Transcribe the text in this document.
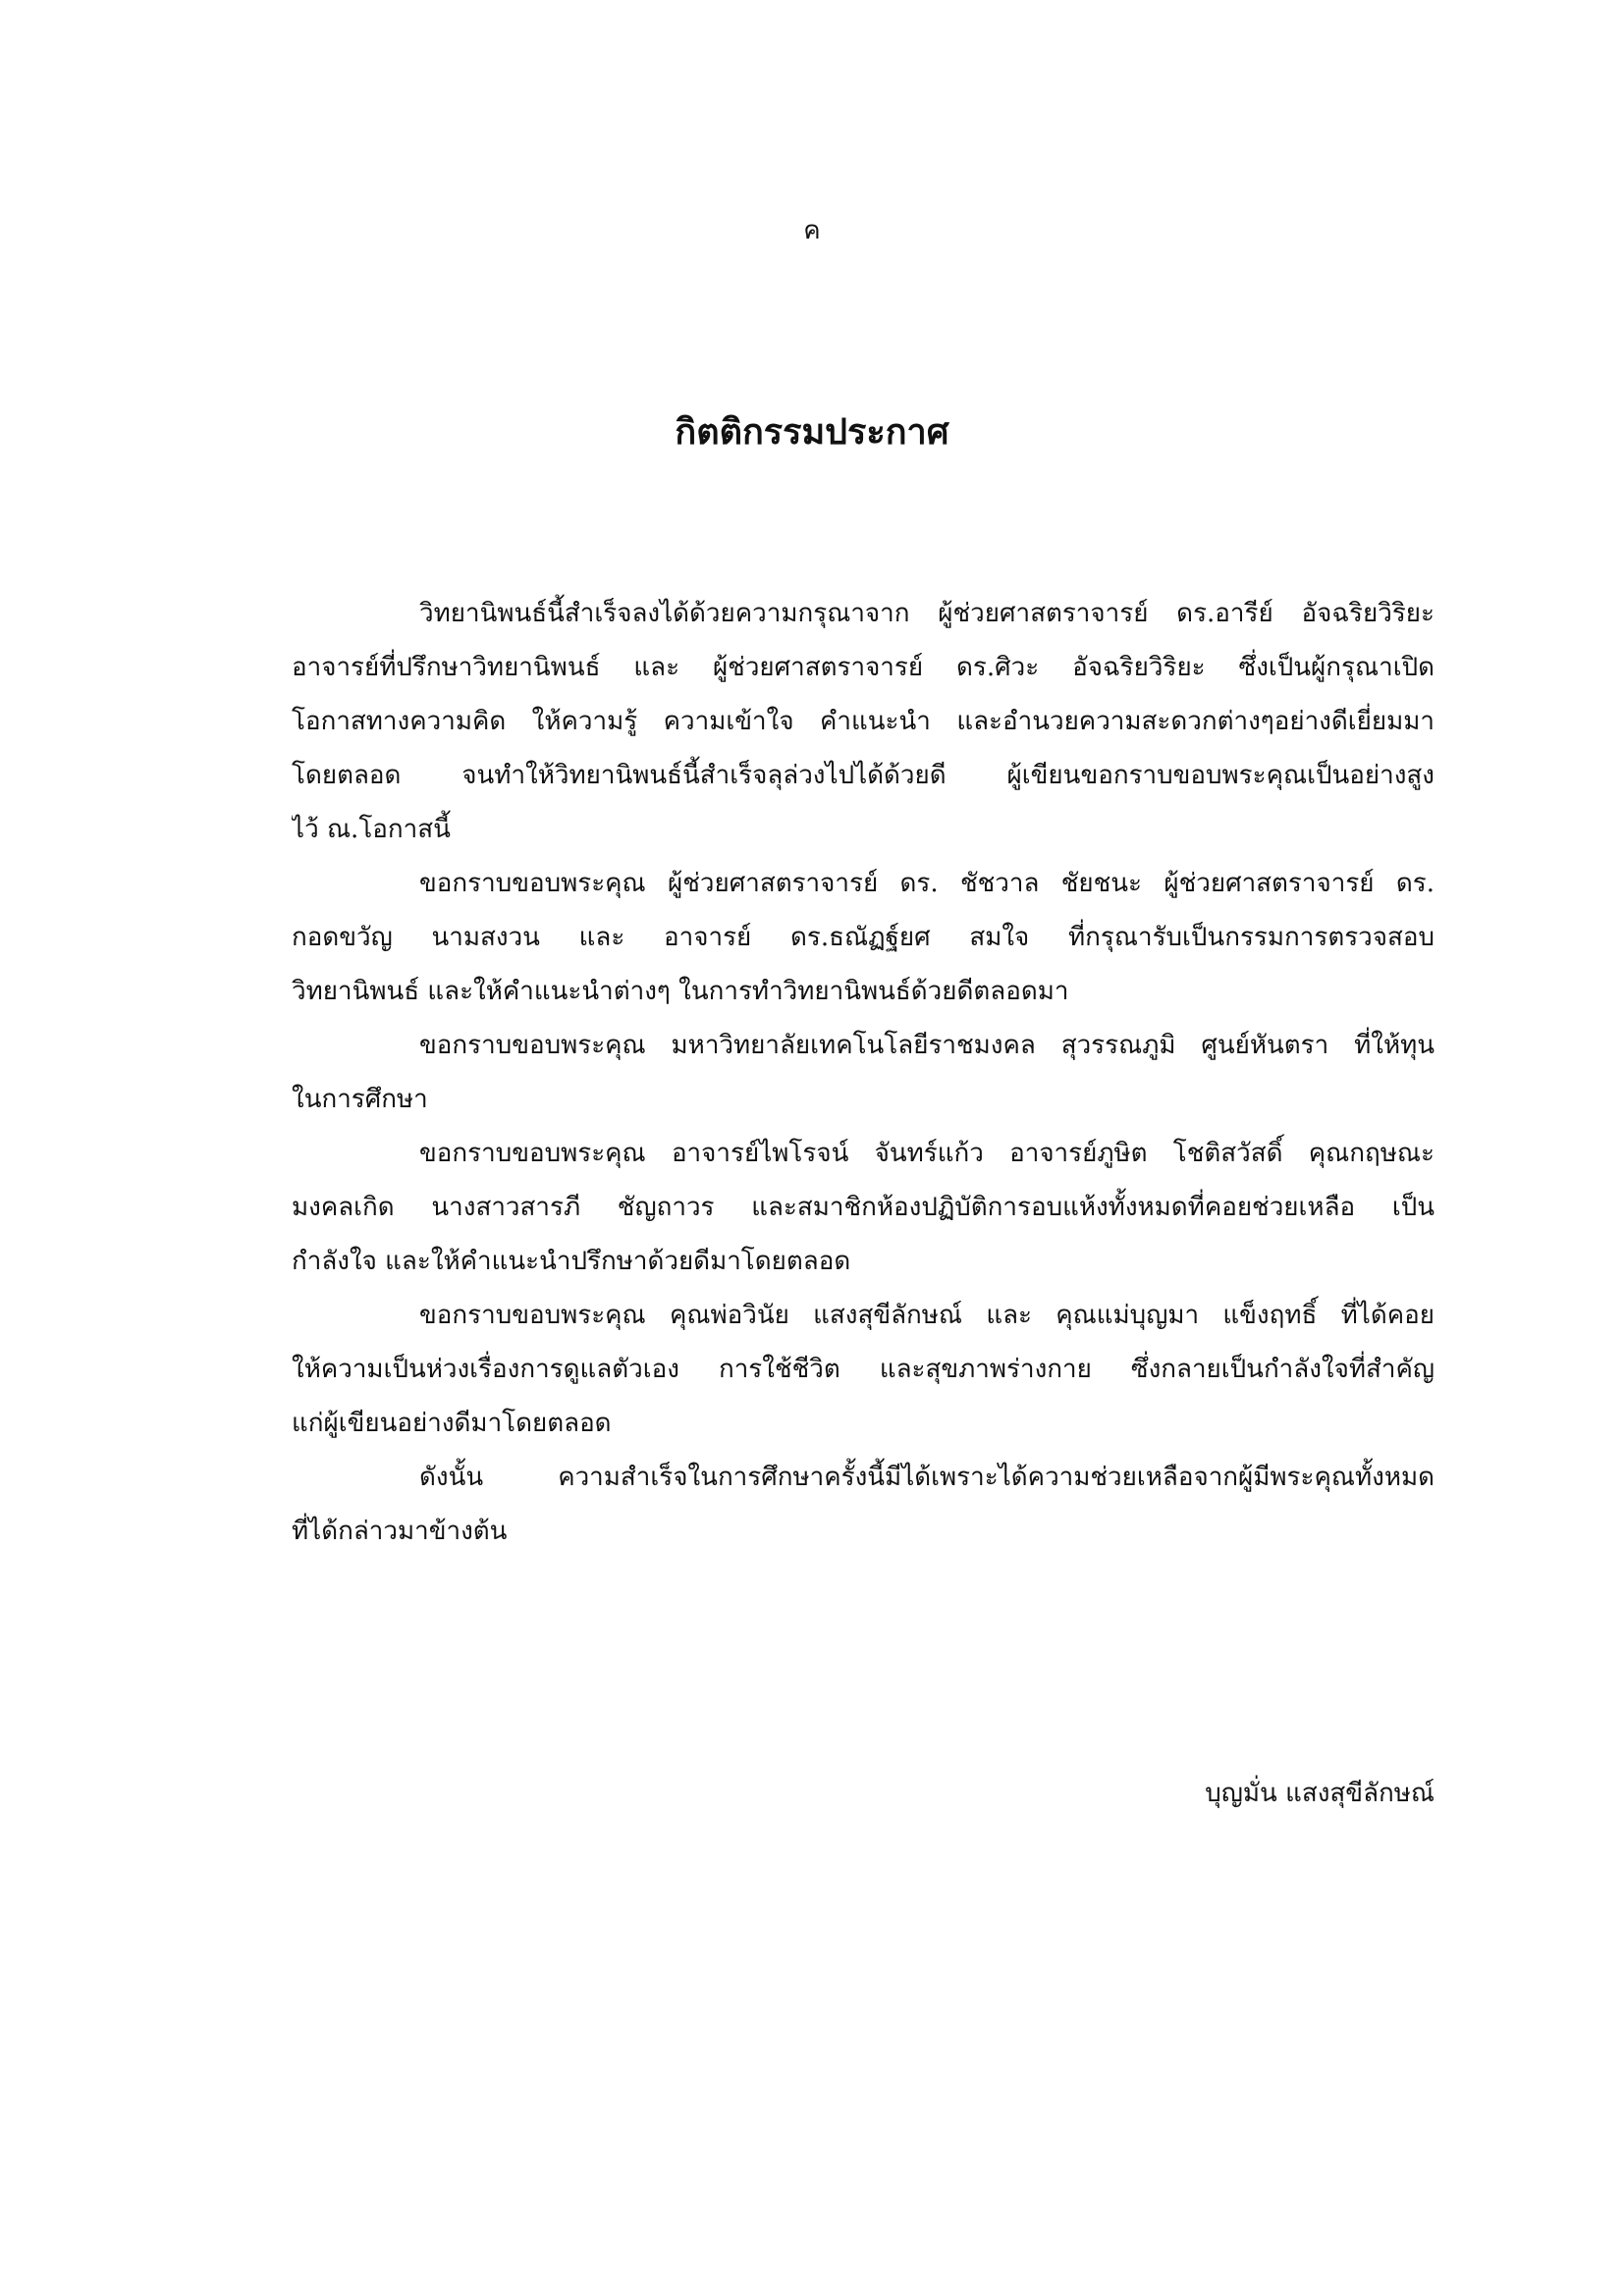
ค
กิตติกรรมประกาศ

วิทยานิพนธ์นี้สำเร็จลงได้ด้วยความกรุณาจาก ผู้ช่วยศาสตราจารย์ ดร.อารีย์ อัจฉริยวิริยะ
อาจารย์ที่ปรึกษาวิทยานิพนธ์ และ ผู้ช่วยศาสตราจารย์ ดร.ศิวะ อัจฉริยวิริยะ ซึ่งเป็นผู้กรุณาเปิด
โอกาสทางความคิด ให้ความรู้ ความเข้าใจ คำแนะนำ และอำนวยความสะดวกต่างๆอย่างดีเยี่ยมมา
โดยตลอด จนทำให้วิทยานิพนธ์นี้สำเร็จลุล่วงไปได้ด้วยดี ผู้เขียนขอกราบขอบพระคุณเป็นอย่างสูง
ไว้ ณ.โอกาสนี้

ขอกราบขอบพระคุณ ผู้ช่วยศาสตราจารย์ ดร. ชัชวาล ชัยชนะ ผู้ช่วยศาสตราจารย์ ดร.
กอดขวัญ นามสงวน และ อาจารย์ ดร.ธณัฏฐ์ยศ สมใจ ที่กรุณารับเป็นกรรมการตรวจสอบ
วิทยานิพนธ์ และให้คำแนะนำต่างๆ ในการทำวิทยานิพนธ์ด้วยดีตลอดมา

ขอกราบขอบพระคุณ มหาวิทยาลัยเทคโนโลยีราชมงคล สุวรรณภูมิ ศูนย์หันตรา ที่ให้ทุน
ในการศึกษา

ขอกราบขอบพระคุณ อาจารย์ไพโรจน์ จันทร์แก้ว อาจารย์ภูษิต โชติสวัสดิ์ คุณกฤษณะ
มงคลเกิด นางสาวสารภี ชัญถาวร และสมาชิกห้องปฏิบัติการอบแห้งทั้งหมดที่คอยช่วยเหลือ เป็น
กำลังใจ และให้คำแนะนำปรึกษาด้วยดีมาโดยตลอด

ขอกราบขอบพระคุณ คุณพ่อวินัย แสงสุขีลักษณ์ และ คุณแม่บุญมา แข็งฤทธิ์ ที่ได้คอย
ให้ความเป็นห่วงเรื่องการดูแลตัวเอง การใช้ชีวิต และสุขภาพร่างกาย ซึ่งกลายเป็นกำลังใจที่สำคัญ
แก่ผู้เขียนอย่างดีมาโดยตลอด

ดังนั้น ความสำเร็จในการศึกษาครั้งนี้มีได้เพราะได้ความช่วยเหลือจากผู้มีพระคุณทั้งหมด
ที่ได้กล่าวมาข้างต้น

บุญมั่น แสงสุขีลักษณ์
